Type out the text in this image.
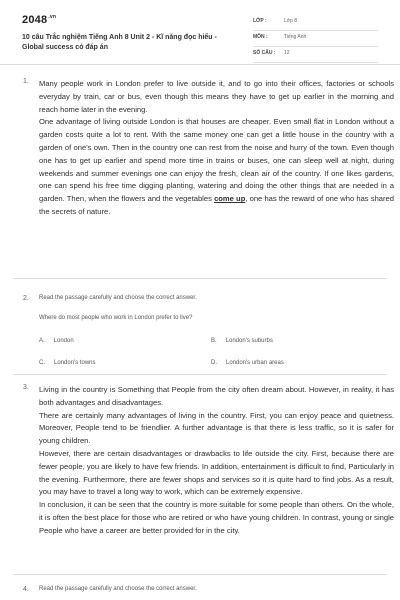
$2048^{.vn}$
10 câu Trắc nghiệm Tiếng Anh 8 Unit 2 - Kĩ năng đọc hiểu - Global success có đáp án
LỚP :	Lớp 8
MÔN :	Tiếng Anh
SỐ CÂU : 12
1. Many people work in London prefer to live outside it, and to go into their offices, factories or schools everyday by train, car or bus, even though this means they have to get up earlier in the morning and reach home later in the evening.

One advantage of living outside London is that houses are cheaper. Even small flat in London without a garden costs quite a lot to rent. With the same money one can get a little house in the country with a garden of one's own. Then in the country one can rest from the noise and hurry of the town. Even though one has to get up earlier and spend more time in trains or buses, one can sleep well at night, during weekends and summer evenings one can enjoy the fresh, clean air of the country. If one likes gardens, one can spend his free time digging planting, watering and doing the other things that are needed in a garden. Then, when the flowers and the vegetables come up, one has the reward of one who has shared the secrets of nature.

2. Read the passage carefully and choose the correct answer.
Where do most people who work in London prefer to live?
A. London	B. London's suburbs
C. London's towns	D. London's urban areas
3. Living in the country is Something that People from the city often dream about. However, in reality, it has both advantages and disadvantages.

There are certainly many advantages of living in the country. First, you can enjoy peace and quietness. Moreover, People tend to be friendlier. A further advantage is that there is less traffic, so it is safer for young children.

However, there are certain disadvantages or drawbacks to life outside the city. First, because there are fewer people, you are likely to have few friends. In addition, entertainment is difficult to find, Particularly in the evening. Furthermore, there are fewer shops and services so it is quite hard to find jobs. As a result, you may have to travel a long way to work, which can be extremely expensive.

In conclusion, it can be seen that the country is more suitable for some people than others. On the whole, it is often the best place for those who are retired or who have young children. In contrast, young or single People who have a career are better provided for in the city.

4. Read the passage carefully and choose the correct answer.
